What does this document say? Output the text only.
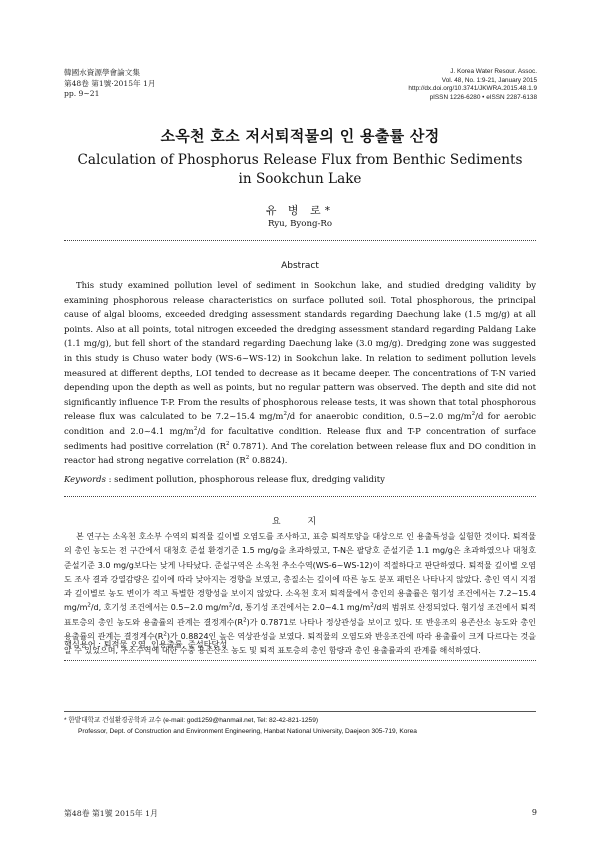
韓國水資源學會論文集
第48卷 第1號·2015年 1月
pp. 9~21
J. Korea Water Resour. Assoc.
Vol. 48, No. 1:9-21, January 2015
http://dx.doi.org/10.3741/JKWRA.2015.48.1.9
pISSN 1226-6280 • eISSN 2287-6138
소옥천 호소 저서퇴적물의 인 용출률 산정
Calculation of Phosphorus Release Flux from Benthic Sediments in Sookchun Lake
유 병 로*
Ryu, Byong-Ro
Abstract
This study examined pollution level of sediment in Sookchun lake, and studied dredging validity by examining phosphorous release characteristics on surface polluted soil. Total phosphorous, the principal cause of algal blooms, exceeded dredging assessment standards regarding Daechung lake (1.5 mg/g) at all points. Also at all points, total nitrogen exceeded the dredging assessment standard regarding Paldang Lake (1.1 mg/g), but fell short of the standard regarding Daechung lake (3.0 mg/g). Dredging zone was suggested in this study is Chuso water body (WS-6~WS-12) in Sookchun lake. In relation to sediment pollution levels measured at different depths, LOI tended to decrease as it became deeper. The concentrations of T-N varied depending upon the depth as well as points, but no regular pattern was observed. The depth and site did not significantly influence T-P. From the results of phosphorous release tests, it was shown that total phosphorous release flux was calculated to be 7.2~15.4 $mg/m^2/d$ for anaerobic condition, 0.5~2.0 $mg/m^2/d$ for aerobic condition and 2.0~4.1 $mg/m^2/d$ for facultative condition. Release flux and T-P concentration of surface sediments had positive correlation ($R^2$ 0.7871). And The corelation between release flux and DO condition in reactor had strong negative correlation ($R^2$ 0.8824).
Keywords : sediment pollution, phosphorous release flux, dredging validity
요 지
본 연구는 소옥천 호소부 수역의 퇴적물 깊이별 오염도를 조사하고, 표층 퇴적토양을 대상으로 인 용출특성을 실험한 것이다. 퇴적물의 총인 농도는 전 구간에서 대청호 준설 환경기준 1.5 mg/g을 초과하였고, T-N은 팔당호 준설기준 1.1 mg/g은 초과하였으나 대청호 준설기준 3.0 mg/g보다는 낮게 나타났다. 준설구역은 소옥천 추소수역(WS-6~WS-12)이 적절하다고 판단하였다. 퇴적물 깊이별 오염도 조사 결과 강열감량은 깊이에 따라 낮아지는 경향을 보였고, 총질소는 깊이에 따른 농도 분포 패턴은 나타나지 않았다. 총인 역시 지점과 깊이별로 농도 변이가 적고 특별한 경향성을 보이지 않았다. 소옥천 호저 퇴적물에서 총인의 용출률은 혐기성 조건에서는 7.2~15.4 $mg/m^2/d$, 호기성 조건에서는 0.5~2.0 $mg/m^2/d$, 통기성 조건에서는 2.0~4.1 $mg/m^2/d$의 범위로 산정되었다. 혐기성 조건에서 퇴적 표토층의 총인 농도와 용출률의 관계는 결정계수$(R^2)$가 0.7871로 나타나 정상관성을 보이고 있다. 또 반응조의 용존산소 농도와 총인 용출률의 관계는 결정계수$(R^2)$가 0.8824인 높은 역상관성을 보였다. 퇴적물의 오염도와 반응조건에 따라 용출률이 크게 다르다는 것을 알 수 있었으며, 추소수역에 대한 수중 용존산소 농도 및 퇴적 표토층의 총인 함량과 총인 용출률과의 관계를 해석하였다.
핵심용어 : 퇴적물 오염, 인용출률, 준설타당성
* 한밭대학교 건설환경공학과 교수 (e-mail: god1259@hanmail.net, Tel: 82-42-821-1259)
Professor, Dept. of Construction and Environment Engineering, Hanbat National University, Daejeon 305-719, Korea
第48卷 第1號 2015年 1月	9
